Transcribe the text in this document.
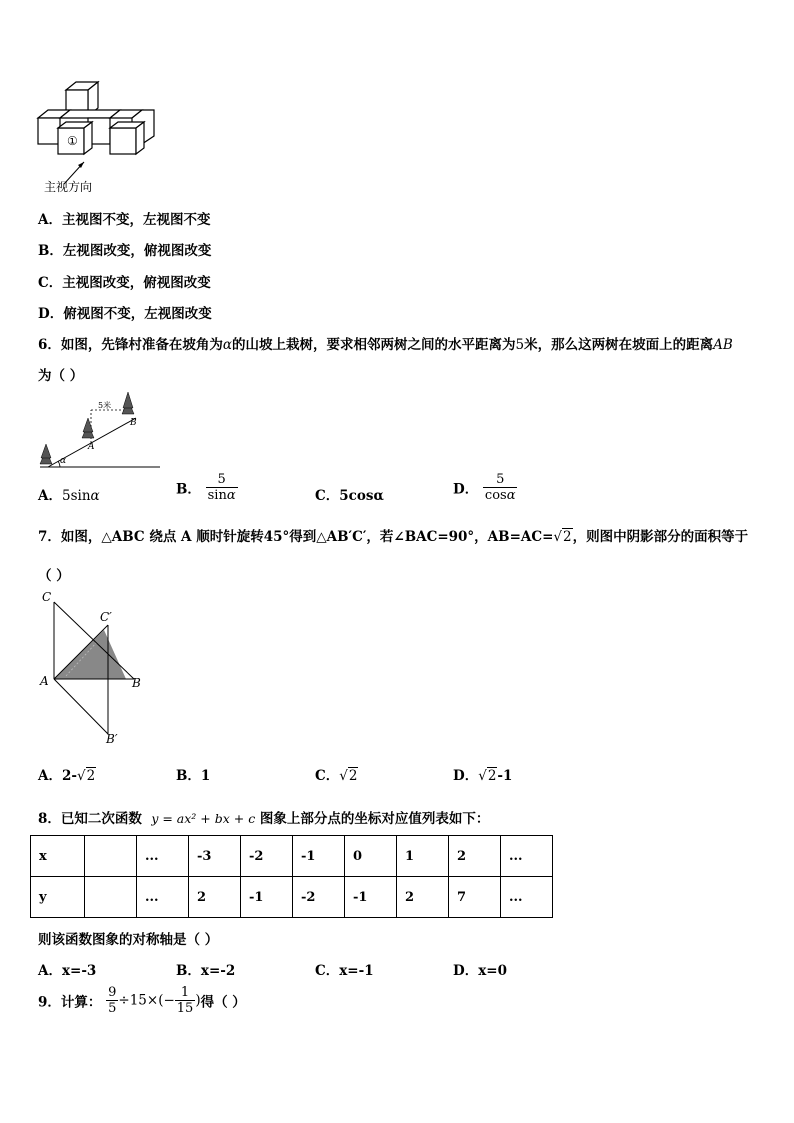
①
主视方向
A．主视图不变，左视图不变
B．左视图改变，俯视图改变
C．主视图改变，俯视图改变
D．俯视图不变，左视图改变
6．如图，先锋村准备在坡角为α的山坡上栽树，要求相邻两树之间的水平距离为5米，那么这两树在坡面上的距离AB
为（ ）
5米
A
B
α
A．5sinα	B． $\frac{5}{\sin\alpha}$	C．5cosα	D． $\frac{5}{\cos\alpha}$
7．如图，△ABC 绕点 A 顺时针旋转45°得到△AB′C′，若∠BAC=90°，AB=AC=√2，则图中阴影部分的面积等于
（ ）
C
C′
A	B
B′
A．2-√2	B．1	C．√2	D．√2-1
8．已知二次函数 y = ax² + bx + c 图象上部分点的坐标对应值列表如下：
x		...	-3	-2	-1	0	1	2	...
y		...	2	-1	-2	-1	2	7	...
则该函数图象的对称轴是（ ）
A．x=-3	B．x=-2	C．x=-1	D．x=0
9．计算： $\frac{9}{5} \div 15\times(- \frac{1}{15}$ )得（ ）
